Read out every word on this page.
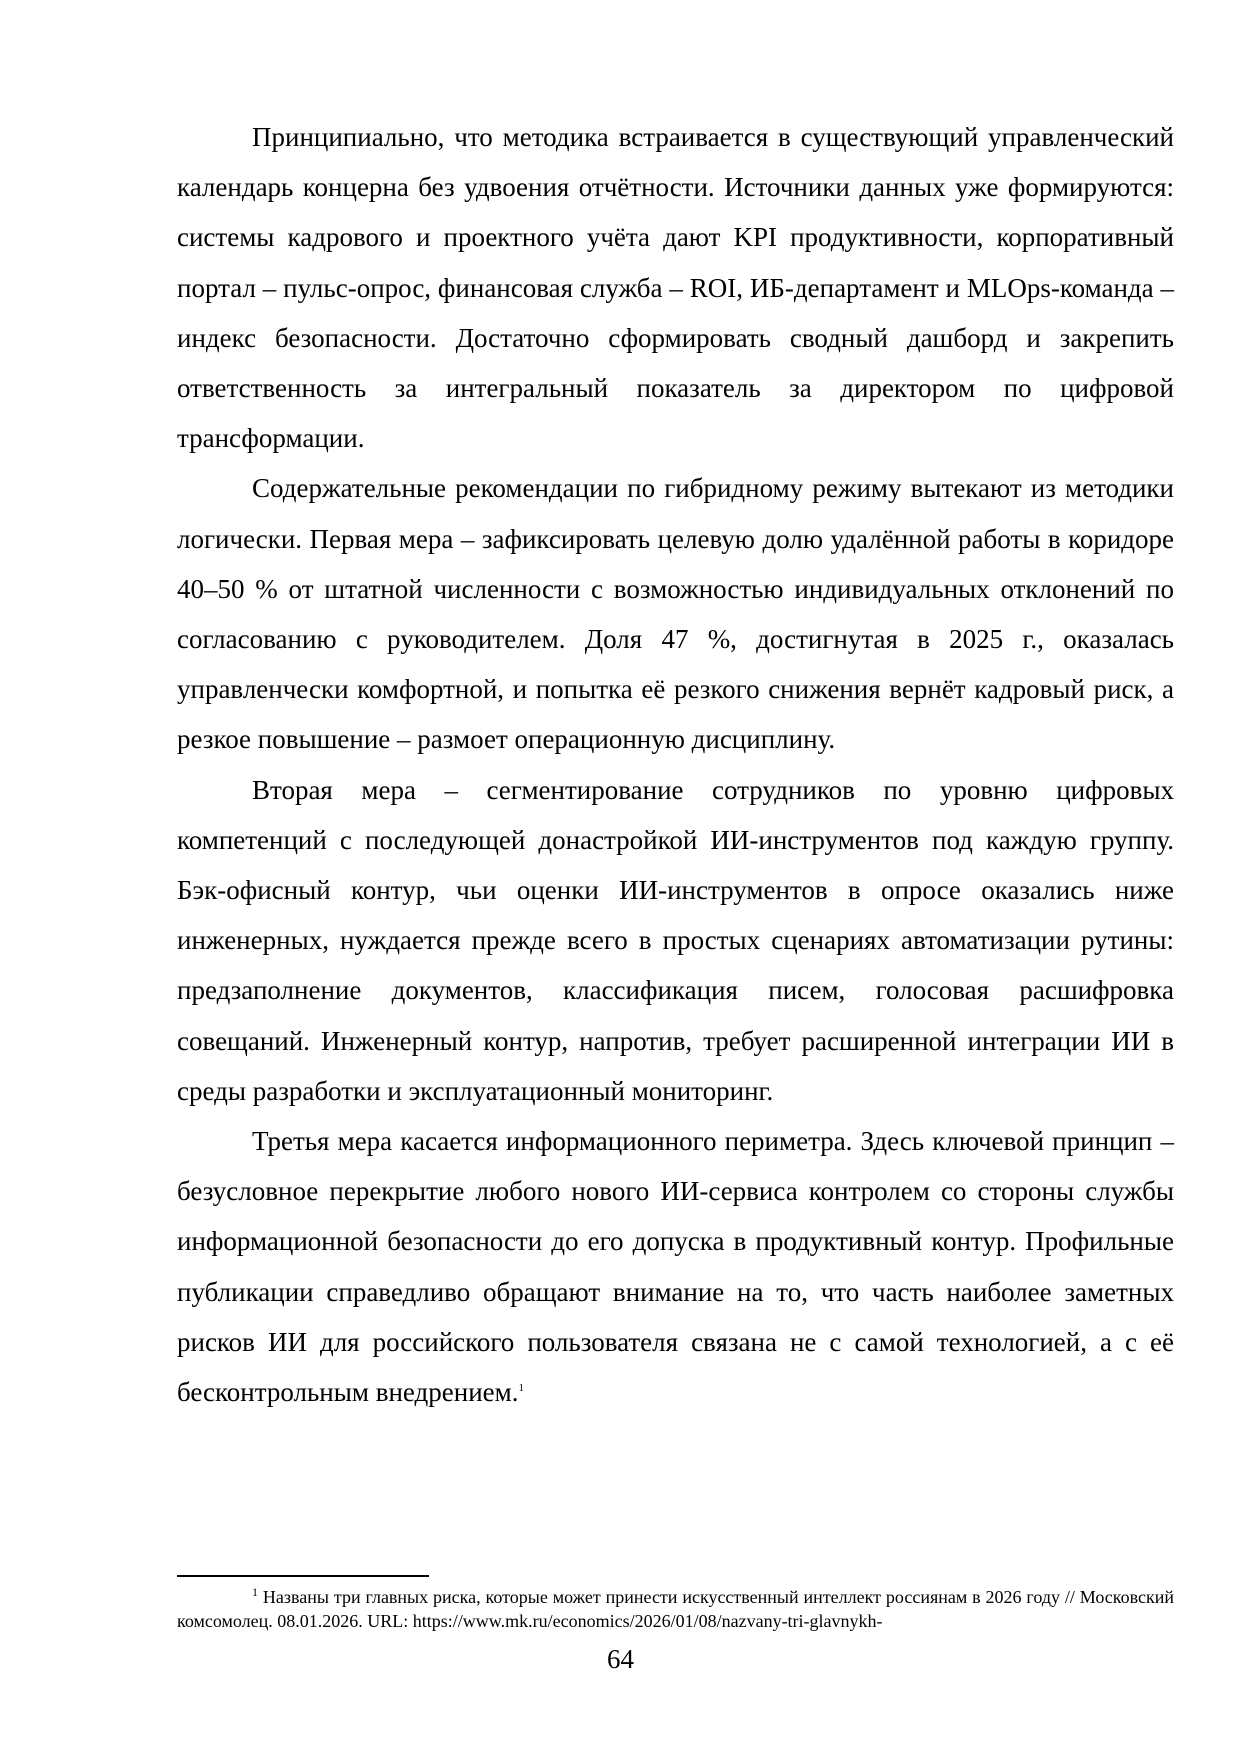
Принципиально, что методика встраивается в существующий управленческий календарь концерна без удвоения отчётности. Источники данных уже формируются: системы кадрового и проектного учёта дают KPI продуктивности, корпоративный портал – пульс-опрос, финансовая служба – ROI, ИБ-департамент и MLOps-команда – индекс безопасности. Достаточно сформировать сводный дашборд и закрепить ответственность за интегральный показатель за директором по цифровой трансформации.

Содержательные рекомендации по гибридному режиму вытекают из методики логически. Первая мера – зафиксировать целевую долю удалённой работы в коридоре 40–50 % от штатной численности с возможностью индивидуальных отклонений по согласованию с руководителем. Доля 47 %, достигнутая в 2025 г., оказалась управленчески комфортной, и попытка её резкого снижения вернёт кадровый риск, а резкое повышение – размоет операционную дисциплину.

Вторая мера – сегментирование сотрудников по уровню цифровых компетенций с последующей донастройкой ИИ-инструментов под каждую группу. Бэк-офисный контур, чьи оценки ИИ-инструментов в опросе оказались ниже инженерных, нуждается прежде всего в простых сценариях автоматизации рутины: предзаполнение документов, классификация писем, голосовая расшифровка совещаний. Инженерный контур, напротив, требует расширенной интеграции ИИ в среды разработки и эксплуатационный мониторинг.

Третья мера касается информационного периметра. Здесь ключевой принцип – безусловное перекрытие любого нового ИИ-сервиса контролем со стороны службы информационной безопасности до его допуска в продуктивный контур. Профильные публикации справедливо обращают внимание на то, что часть наиболее заметных рисков ИИ для российского пользователя связана не с самой технологией, а с её бесконтрольным внедрением.$^1$

$^1$ Названы три главных риска, которые может принести искусственный интеллект россиянам в 2026 году // Московский комсомолец. 08.01.2026. URL: https://www.mk.ru/economics/2026/01/08/nazvany-tri-glavnykh-

64
